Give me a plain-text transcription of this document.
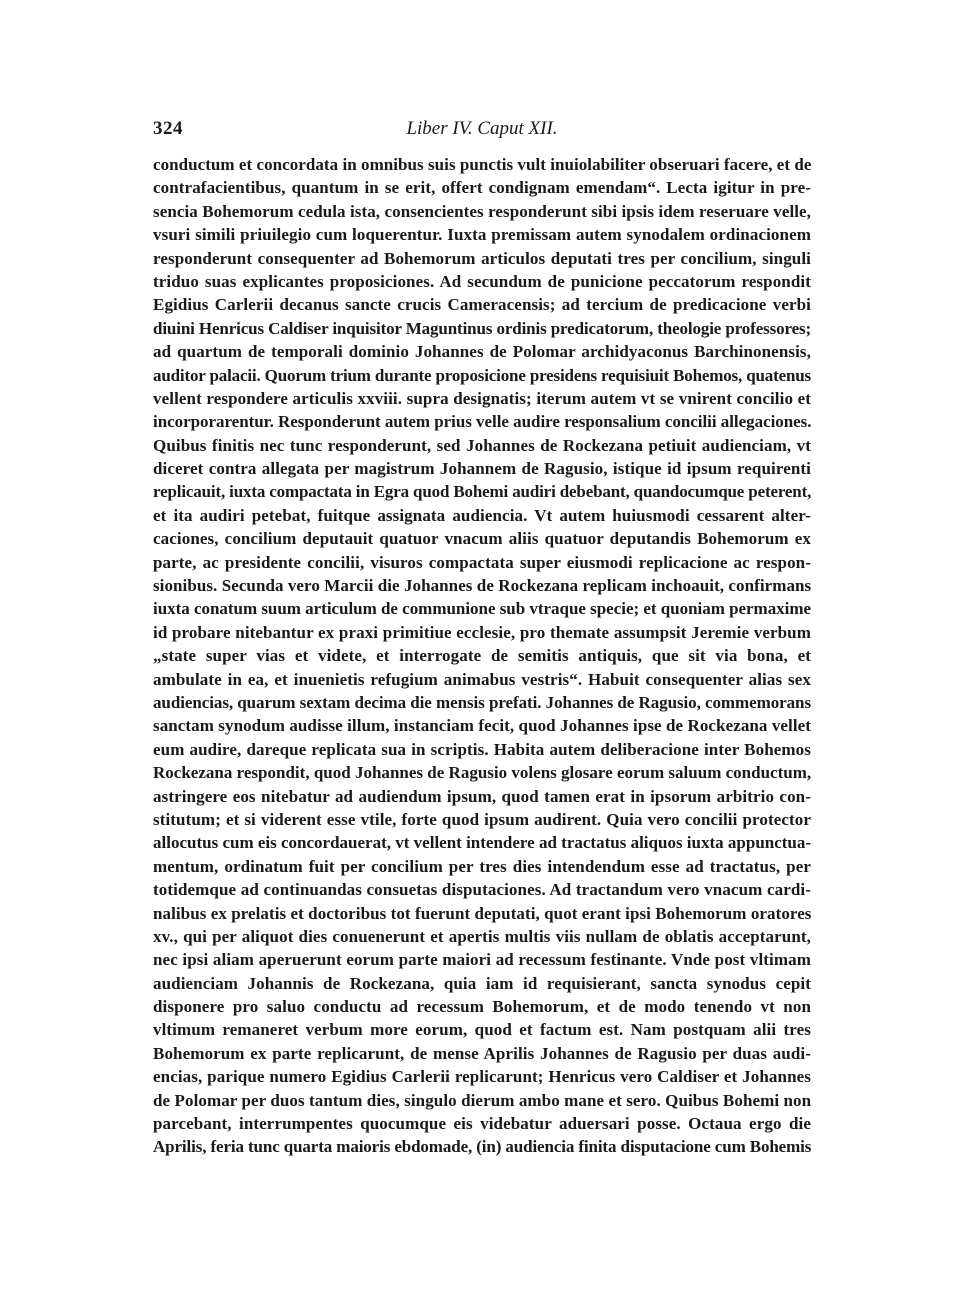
324	Liber IV. Caput XII.
conductum et concordata in omnibus suis punctis vult inuiolabiliter obseruari facere, et de
contrafacientibus, quantum in se erit, offert condignam emendam“. Lecta igitur in pre-
sencia Bohemorum cedula ista, consencientes responderunt sibi ipsis idem reseruare velle,
vsuri simili priuilegio cum loquerentur. Iuxta premissam autem synodalem ordinacionem
responderunt consequenter ad Bohemorum articulos deputati tres per concilium, singuli
triduo suas explicantes proposiciones. Ad secundum de punicione peccatorum respondit
Egidius Carlerii decanus sancte crucis Cameracensis; ad tercium de predicacione verbi
diuini Henricus Caldiser inquisitor Maguntinus ordinis predicatorum, theologie professores;
ad quartum de temporali dominio Johannes de Polomar archidyaconus Barchinonensis,
auditor palacii. Quorum trium durante proposicione presidens requisiuit Bohemos, quatenus
vellent respondere articulis xxviii. supra designatis; iterum autem vt se vnirent concilio et
incorporarentur. Responderunt autem prius velle audire responsalium concilii allegaciones.
Quibus finitis nec tunc responderunt, sed Johannes de Rockezana petiuit audienciam, vt
diceret contra allegata per magistrum Johannem de Ragusio, istique id ipsum requirenti
replicauit, iuxta compactata in Egra quod Bohemi audiri debebant, quandocumque peterent,
et ita audiri petebat, fuitque assignata audiencia. Vt autem huiusmodi cessarent alter-
caciones, concilium deputauit quatuor vnacum aliis quatuor deputandis Bohemorum ex
parte, ac presidente concilii, visuros compactata super eiusmodi replicacione ac respon-
sionibus. Secunda vero Marcii die Johannes de Rockezana replicam inchoauit, confirmans
iuxta conatum suum articulum de communione sub vtraque specie; et quoniam permaxime
id probare nitebantur ex praxi primitiue ecclesie, pro themate assumpsit Jeremie verbum
„state super vias et videte, et interrogate de semitis antiquis, que sit via bona, et
ambulate in ea, et inuenietis refugium animabus vestris“. Habuit consequenter alias sex
audiencias, quarum sextam decima die mensis prefati. Johannes de Ragusio, commemorans
sanctam synodum audisse illum, instanciam fecit, quod Johannes ipse de Rockezana vellet
eum audire, dareque replicata sua in scriptis. Habita autem deliberacione inter Bohemos
Rockezana respondit, quod Johannes de Ragusio volens glosare eorum saluum conductum,
astringere eos nitebatur ad audiendum ipsum, quod tamen erat in ipsorum arbitrio con-
stitutum; et si viderent esse vtile, forte quod ipsum audirent. Quia vero concilii protector
allocutus cum eis concordauerat, vt vellent intendere ad tractatus aliquos iuxta appunctua-
mentum, ordinatum fuit per concilium per tres dies intendendum esse ad tractatus, per
totidemque ad continuandas consuetas disputaciones. Ad tractandum vero vnacum cardi-
nalibus ex prelatis et doctoribus tot fuerunt deputati, quot erant ipsi Bohemorum oratores
xv., qui per aliquot dies conuenerunt et apertis multis viis nullam de oblatis acceptarunt,
nec ipsi aliam aperuerunt eorum parte maiori ad recessum festinante. Vnde post vltimam
audienciam Johannis de Rockezana, quia iam id requisierant, sancta synodus cepit
disponere pro saluo conductu ad recessum Bohemorum, et de modo tenendo vt non
vltimum remaneret verbum more eorum, quod et factum est. Nam postquam alii tres
Bohemorum ex parte replicarunt, de mense Aprilis Johannes de Ragusio per duas audi-
encias, parique numero Egidius Carlerii replicarunt; Henricus vero Caldiser et Johannes
de Polomar per duos tantum dies, singulo dierum ambo mane et sero. Quibus Bohemi non
parcebant, interrumpentes quocumque eis videbatur aduersari posse. Octaua ergo die
Aprilis, feria tunc quarta maioris ebdomade, (in) audiencia finita disputacione cum Bohemis
